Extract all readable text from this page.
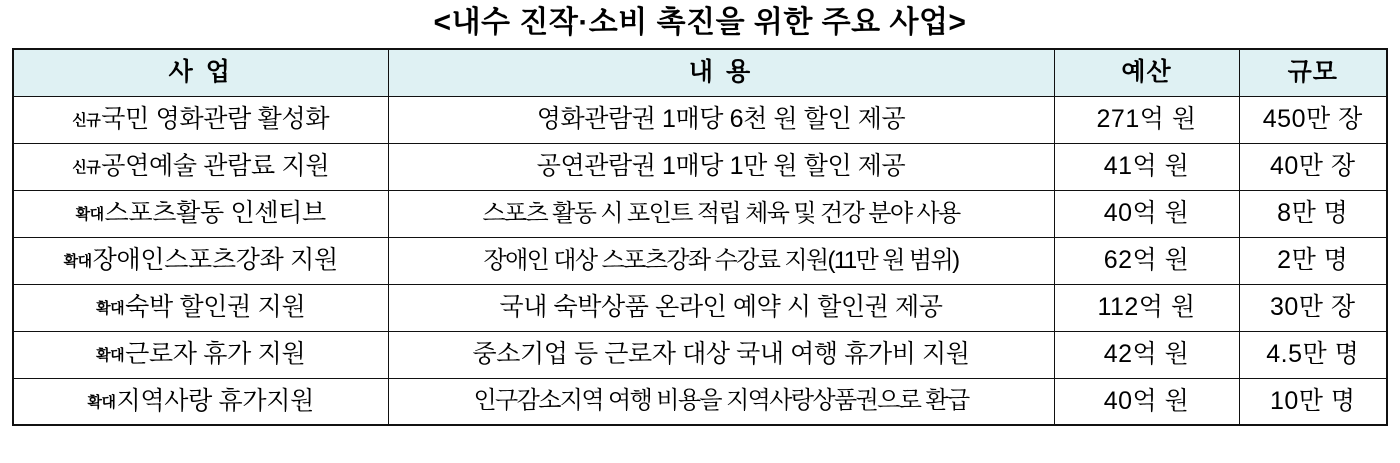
<내수 진작·소비 촉진을 위한 주요 사업>
사 업	내 용	예산	규모
신규국민 영화관람 활성화	영화관람권 1매당 6천 원 할인 제공	271억 원	450만 장
신규공연예술 관람료 지원	공연관람권 1매당 1만 원 할인 제공	41억 원	40만 장
확대스포츠활동 인센티브	스포츠 활동 시 포인트 적립 체육 및 건강 분야 사용	40억 원	8만 명
확대장애인스포츠강좌 지원	장애인 대상 스포츠강좌 수강료 지원(11만 원 범위)	62억 원	2만 명
확대숙박 할인권 지원	국내 숙박상품 온라인 예약 시 할인권 제공	112억 원	30만 장
확대근로자 휴가 지원	중소기업 등 근로자 대상 국내 여행 휴가비 지원	42억 원	4.5만 명
확대지역사랑 휴가지원	인구감소지역 여행 비용을 지역사랑상품권으로 환급	40억 원	10만 명
